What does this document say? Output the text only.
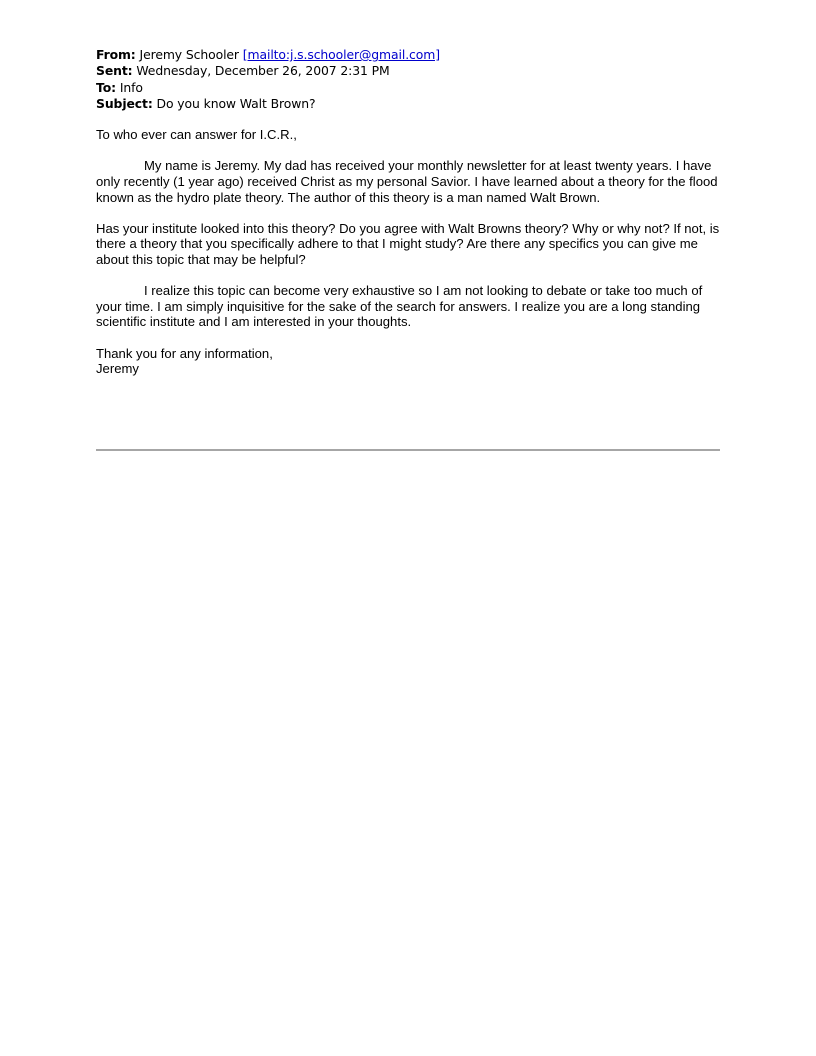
From: Jeremy Schooler [mailto:j.s.schooler@gmail.com]
Sent: Wednesday, December 26, 2007 2:31 PM
To: Info
Subject: Do you know Walt Brown?

To who ever can answer for I.C.R.,

My name is Jeremy. My dad has received your monthly newsletter for at least twenty years. I have only recently (1 year ago) received Christ as my personal Savior. I have learned about a theory for the flood known as the hydro plate theory. The author of this theory is a man named Walt Brown.

Has your institute looked into this theory? Do you agree with Walt Browns theory? Why or why not? If not, is there a theory that you specifically adhere to that I might study? Are there any specifics you can give me about this topic that may be helpful?

I realize this topic can become very exhaustive so I am not looking to debate or take too much of your time. I am simply inquisitive for the sake of the search for answers. I realize you are a long standing scientific institute and I am interested in your thoughts.

Thank you for any information,
Jeremy
